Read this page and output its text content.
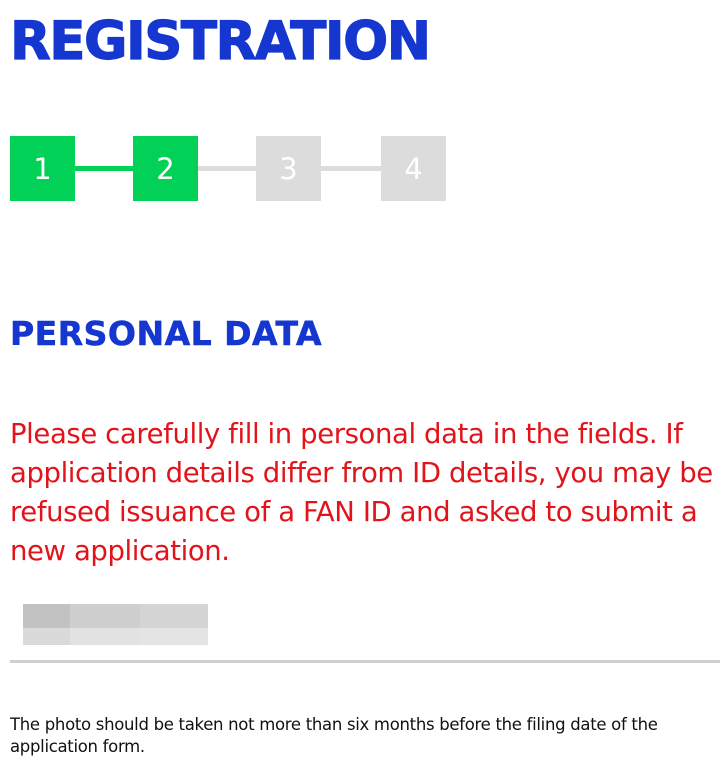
REGISTRATION
1	2	3	4
PERSONAL DATA

Please carefully fill in personal data in the fields. If application details differ from ID details, you may be refused issuance of a FAN ID and asked to submit a new application.

The photo should be taken not more than six months before the filing date of the application form.
